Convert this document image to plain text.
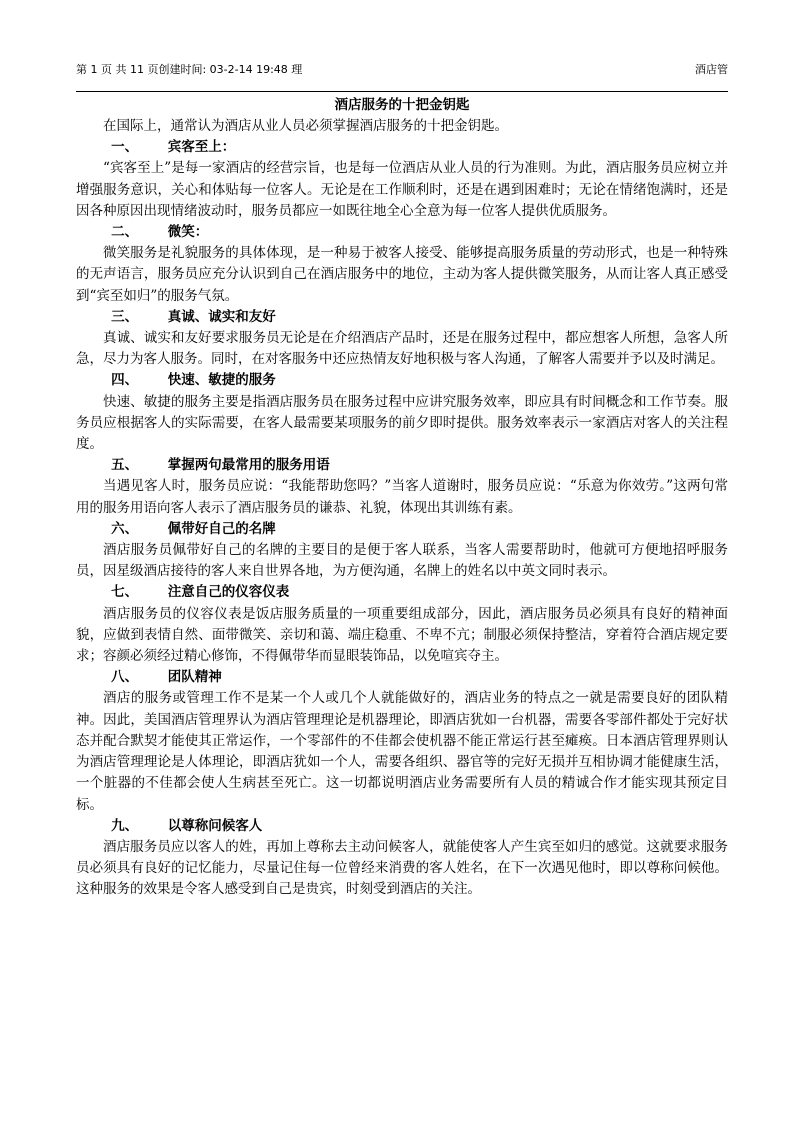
第 1 页 共 11 页创建时间: 03-2-14 19:48 理	酒店管

酒店服务的十把金钥匙

在国际上，通常认为酒店从业人员必须掌握酒店服务的十把金钥匙。

一、 宾客至上：

“宾客至上”是每一家酒店的经营宗旨，也是每一位酒店从业人员的行为准则。为此，酒店服务员应树立并增强服务意识，关心和体贴每一位客人。无论是在工作顺利时，还是在遇到困难时；无论在情绪饱满时，还是因各种原因出现情绪波动时，服务员都应一如既往地全心全意为每一位客人提供优质服务。

二、 微笑：

微笑服务是礼貌服务的具体体现，是一种易于被客人接受、能够提高服务质量的劳动形式，也是一种特殊的无声语言，服务员应充分认识到自己在酒店服务中的地位，主动为客人提供微笑服务，从而让客人真正感受到“宾至如归”的服务气氛。

三、 真诚、诚实和友好

真诚、诚实和友好要求服务员无论是在介绍酒店产品时，还是在服务过程中，都应想客人所想，急客人所急，尽力为客人服务。同时，在对客服务中还应热情友好地积极与客人沟通，了解客人需要并予以及时满足。

四、 快速、敏捷的服务

快速、敏捷的服务主要是指酒店服务员在服务过程中应讲究服务效率，即应具有时间概念和工作节奏。服务员应根据客人的实际需要，在客人最需要某项服务的前夕即时提供。服务效率表示一家酒店对客人的关注程度。

五、 掌握两句最常用的服务用语

当遇见客人时，服务员应说：“我能帮助您吗？”当客人道谢时，服务员应说：“乐意为你效劳。”这两句常用的服务用语向客人表示了酒店服务员的谦恭、礼貌，体现出其训练有素。

六、 佩带好自己的名牌

酒店服务员佩带好自己的名牌的主要目的是便于客人联系，当客人需要帮助时，他就可方便地招呼服务员，因星级酒店接待的客人来自世界各地，为方便沟通，名牌上的姓名以中英文同时表示。

七、 注意自己的仪容仪表

酒店服务员的仪容仪表是饭店服务质量的一项重要组成部分，因此，酒店服务员必须具有良好的精神面貌，应做到表情自然、面带微笑、亲切和蔼、端庄稳重、不卑不亢；制服必须保持整洁，穿着符合酒店规定要求；容颜必须经过精心修饰，不得佩带华而显眼装饰品，以免喧宾夺主。

八、 团队精神

酒店的服务或管理工作不是某一个人或几个人就能做好的，酒店业务的特点之一就是需要良好的团队精神。因此，美国酒店管理界认为酒店管理理论是机器理论，即酒店犹如一台机器，需要各零部件都处于完好状态并配合默契才能使其正常运作，一个零部件的不佳都会使机器不能正常运行甚至瘫痪。日本酒店管理界则认为酒店管理理论是人体理论，即酒店犹如一个人，需要各组织、器官等的完好无损并互相协调才能健康生活，一个脏器的不佳都会使人生病甚至死亡。这一切都说明酒店业务需要所有人员的精诚合作才能实现其预定目标。

九、 以尊称问候客人

酒店服务员应以客人的姓，再加上尊称去主动问候客人，就能使客人产生宾至如归的感觉。这就要求服务员必须具有良好的记忆能力，尽量记住每一位曾经来消费的客人姓名，在下一次遇见他时，即以尊称问候他。这种服务的效果是令客人感受到自己是贵宾，时刻受到酒店的关注。
